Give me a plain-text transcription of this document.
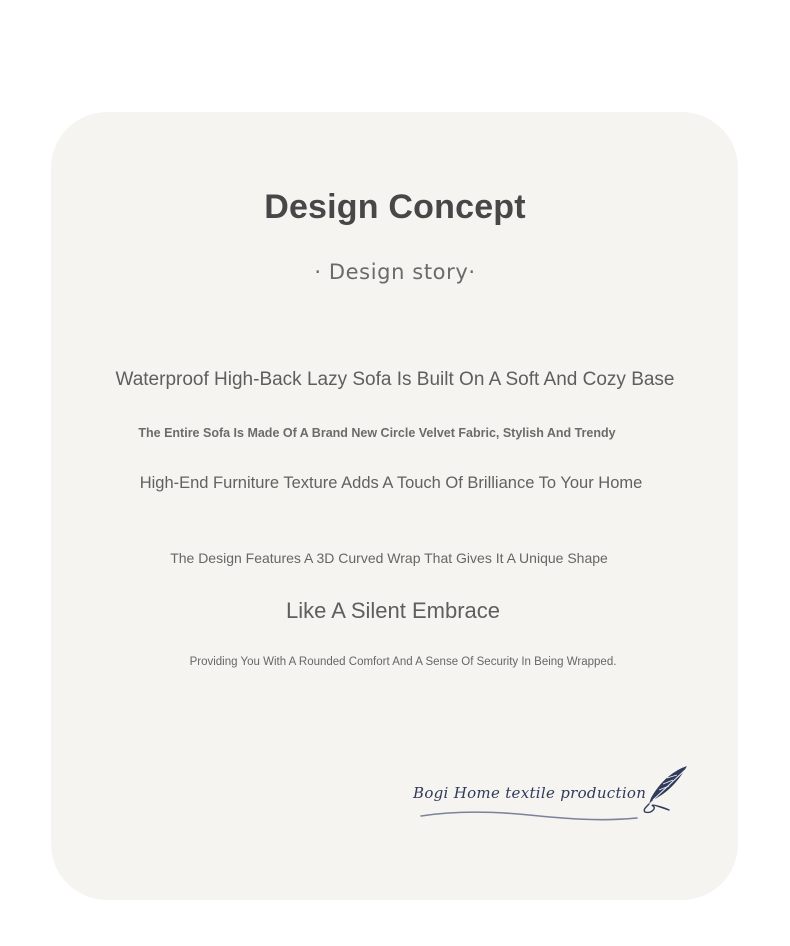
Design Concept
· Design story·
Waterproof High-Back Lazy Sofa Is Built On A Soft And Cozy Base
The Entire Sofa Is Made Of A Brand New Circle Velvet Fabric, Stylish And Trendy
High-End Furniture Texture Adds A Touch Of Brilliance To Your Home
The Design Features A 3D Curved Wrap That Gives It A Unique Shape
Like A Silent Embrace
Providing You With A Rounded Comfort And A Sense Of Security In Being Wrapped.
Bogi Home textile production
